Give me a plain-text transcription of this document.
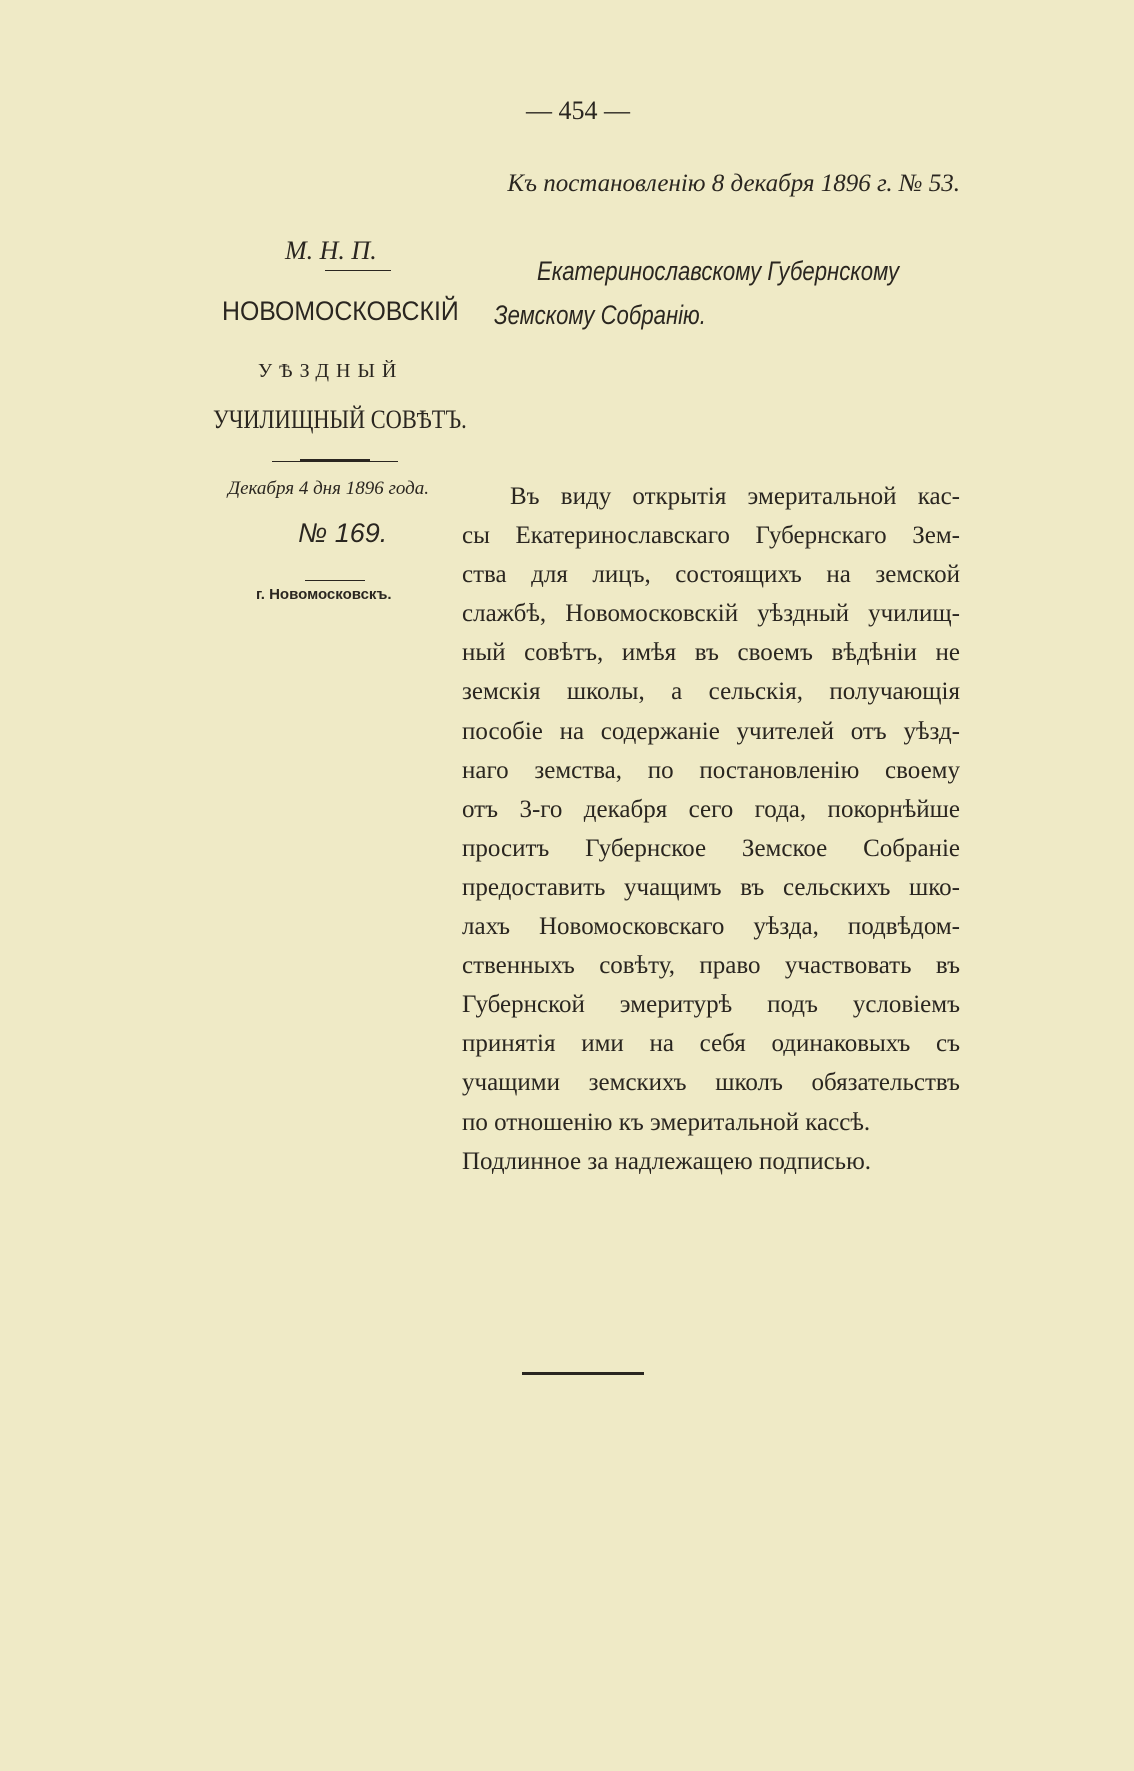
— 454 —
Къ постановленію 8 декабря 1896 г. № 53.
Екатеринославскому Губернскому
Земскому Собранію.
М. Н. П.
НОВОМОСКОВСКІЙ
УѢЗДНЫЙ
УЧИЛИЩНЫЙ СОВѢТЪ.
Декабря 4 дня 1896 года.
№ 169.
г. Новомосковскъ.
Въ виду открытія эмеритальной кас-
сы Екатеринославскаго Губернскаго Зем-
ства для лицъ, состоящихъ на земской
слажбѣ, Новомосковскій уѣздный училищ-
ный совѣтъ, имѣя въ своемъ вѣдѣніи не
земскія школы, а сельскія, получающія
пособіе на содержаніе учителей отъ уѣзд-
наго земства, по постановленію своему
отъ 3-го декабря сего года, покорнѣйше
проситъ Губернское Земское Собраніе
предоставить учащимъ въ сельскихъ шко-
лахъ Новомосковскаго уѣзда, подвѣдом-
ственныхъ совѣту, право участвовать въ
Губернской эмеритурѣ подъ условіемъ
принятія ими на себя одинаковыхъ съ
учащими земскихъ школъ обязательствъ
по отношенію къ эмеритальной кассѣ.
Подлинное за надлежащею подписью.
